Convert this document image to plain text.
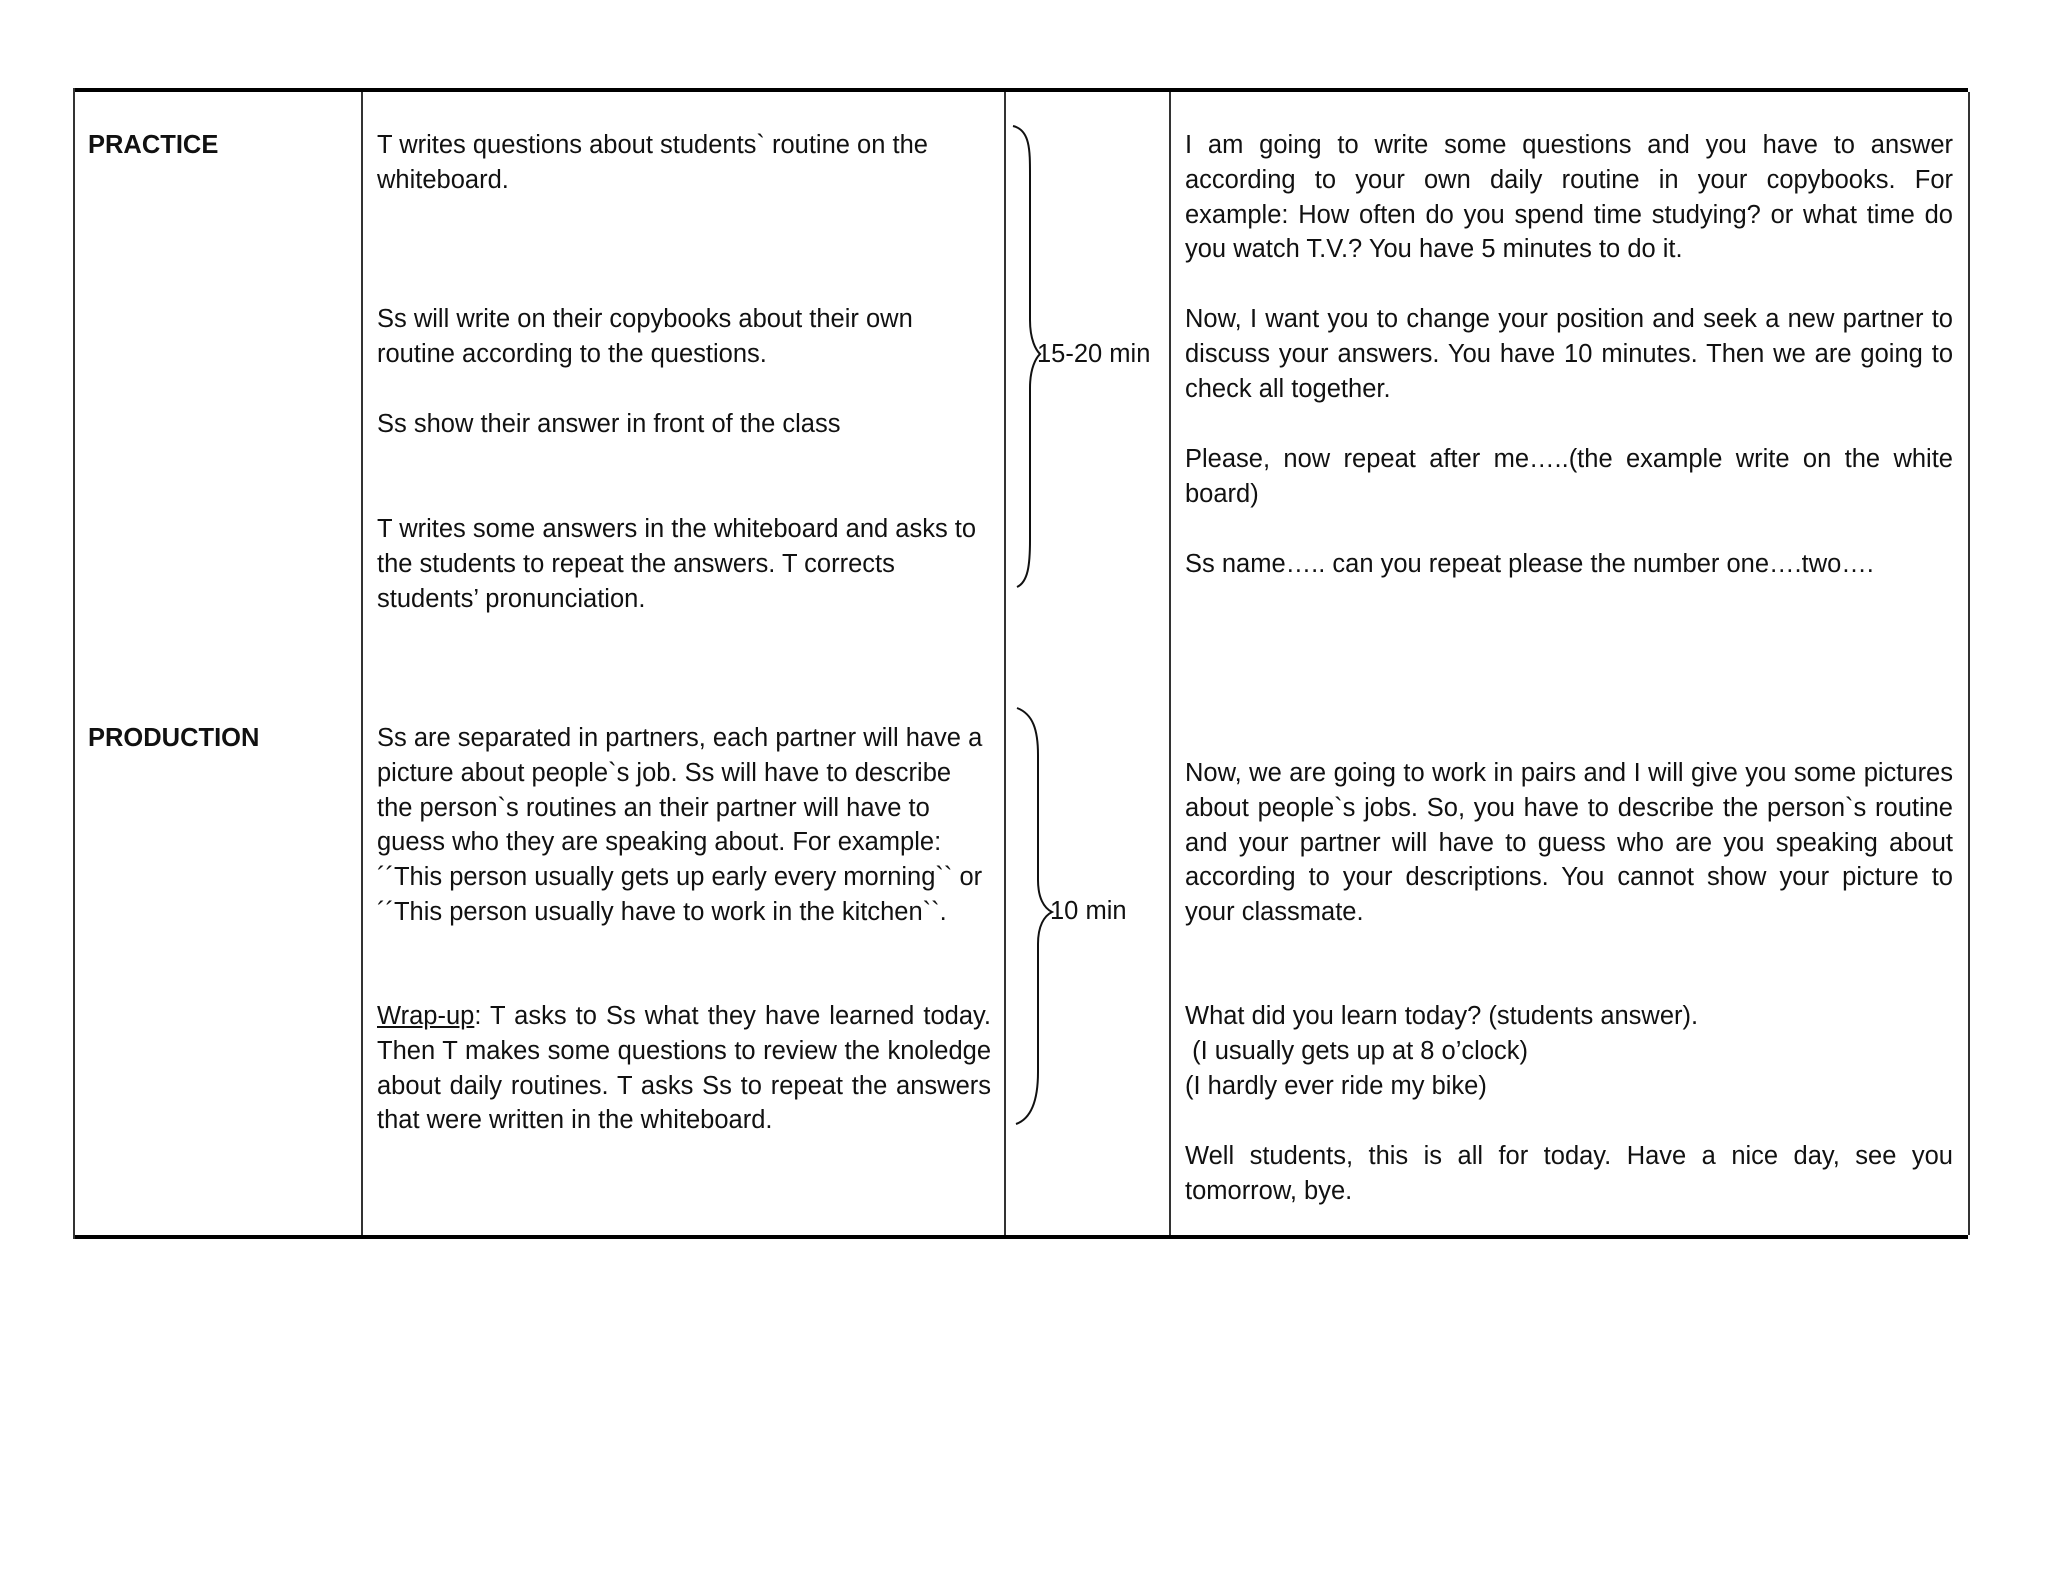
PRACTICE	T writes questions about students` routine on the whiteboard.
Ss will write on their copybooks about their own routine according to the questions.
Ss show their answer in front of the class
T writes some answers in the whiteboard and asks to the students to repeat the answers. T corrects students’ pronunciation.
15-20 min
I am going to write some questions and you have to answer according to your own daily routine in your copybooks. For example: How often do you spend time studying? or what time do you watch T.V.? You have 5 minutes to do it.
Now, I want you to change your position and seek a new partner to discuss your answers. You have 10 minutes. Then we are going to check all together.
Please, now repeat after me…..(the example write on the white board)
Ss name….. can you repeat please the number one….two….
PRODUCTION	Ss are separated in partners, each partner will have a picture about people`s job. Ss will have to describe the person`s routines an their partner will have to guess who they are speaking about. For example: ´´This person usually gets up early every morning`` or ´´This person usually have to work in the kitchen``.
Wrap-up: T asks to Ss what they have learned today. Then T makes some questions to review the knoledge about daily routines. T asks Ss to repeat the answers that were written in the whiteboard.
10 min
Now, we are going to work in pairs and I will give you some pictures about people`s jobs. So, you have to describe the person`s routine and your partner will have to guess who are you speaking about according to your descriptions. You cannot show your picture to your classmate.
What did you learn today? (students answer).
(I usually gets up at 8 o’clock)
(I hardly ever ride my bike)
Well students, this is all for today. Have a nice day, see you tomorrow, bye.
